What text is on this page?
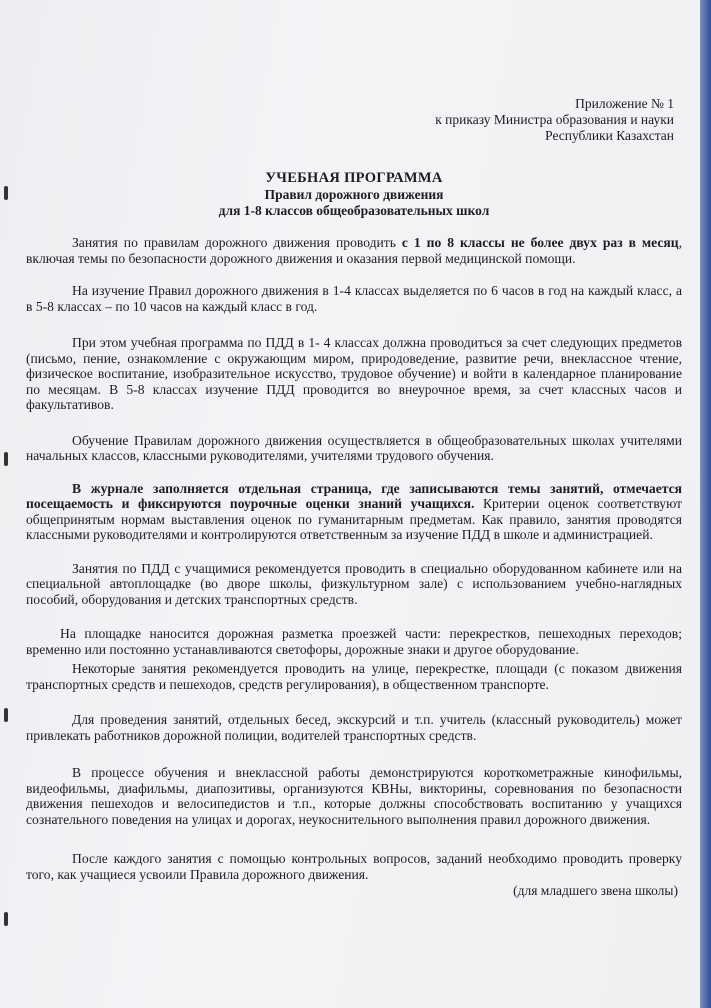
Приложение № 1
к приказу Министра образования и науки
Республики Казахстан
УЧЕБНАЯ ПРОГРАММА
Правил дорожного движения
для 1-8 классов общеобразовательных школ

Занятия по правилам дорожного движения проводить с 1 по 8 классы не более двух раз в месяц, включая темы по безопасности дорожного движения и оказания первой медицинской помощи.

На изучение Правил дорожного движения в 1-4 классах выделяется по 6 часов в год на каждый класс, а в 5-8 классах – по 10 часов на каждый класс в год.

При этом учебная программа по ПДД в 1- 4 классах должна проводиться за счет следующих предметов (письмо, пение, ознакомление с окружающим миром, природоведение, развитие речи, внеклассное чтение, физическое воспитание, изобразительное искусство, трудовое обучение) и войти в календарное планирование по месяцам. В 5-8 классах изучение ПДД проводится во внеурочное время, за счет классных часов и факультативов.

Обучение Правилам дорожного движения осуществляется в общеобразовательных школах учителями начальных классов, классными руководителями, учителями трудового обучения.

В журнале заполняется отдельная страница, где записываются темы занятий, отмечается посещаемость и фиксируются поурочные оценки знаний учащихся. Критерии оценок соответствуют общепринятым нормам выставления оценок по гуманитарным предметам. Как правило, занятия проводятся классными руководителями и контролируются ответственным за изучение ПДД в школе и администрацией.

Занятия по ПДД с учащимися рекомендуется проводить в специально оборудованном кабинете или на специальной автоплощадке (во дворе школы, физкультурном зале) с использованием учебно-наглядных пособий, оборудования и детских транспортных средств.

На площадке наносится дорожная разметка проезжей части: перекрестков, пешеходных переходов; временно или постоянно устанавливаются светофоры, дорожные знаки и другое оборудование.

Некоторые занятия рекомендуется проводить на улице, перекрестке, площади (с показом движения транспортных средств и пешеходов, средств регулирования), в общественном транспорте.

Для проведения занятий, отдельных бесед, экскурсий и т.п. учитель (классный руководитель) может привлекать работников дорожной полиции, водителей транспортных средств.

В процессе обучения и внеклассной работы демонстрируются короткометражные кинофильмы, видеофильмы, диафильмы, диапозитивы, организуются КВНы, викторины, соревнования по безопасности движения пешеходов и велосипедистов и т.п., которые должны способствовать воспитанию у учащихся сознательного поведения на улицах и дорогах, неукоснительного выполнения правил дорожного движения.

После каждого занятия с помощью контрольных вопросов, заданий необходимо проводить проверку того, как учащиеся усвоили Правила дорожного движения.

(для младшего звена школы)
